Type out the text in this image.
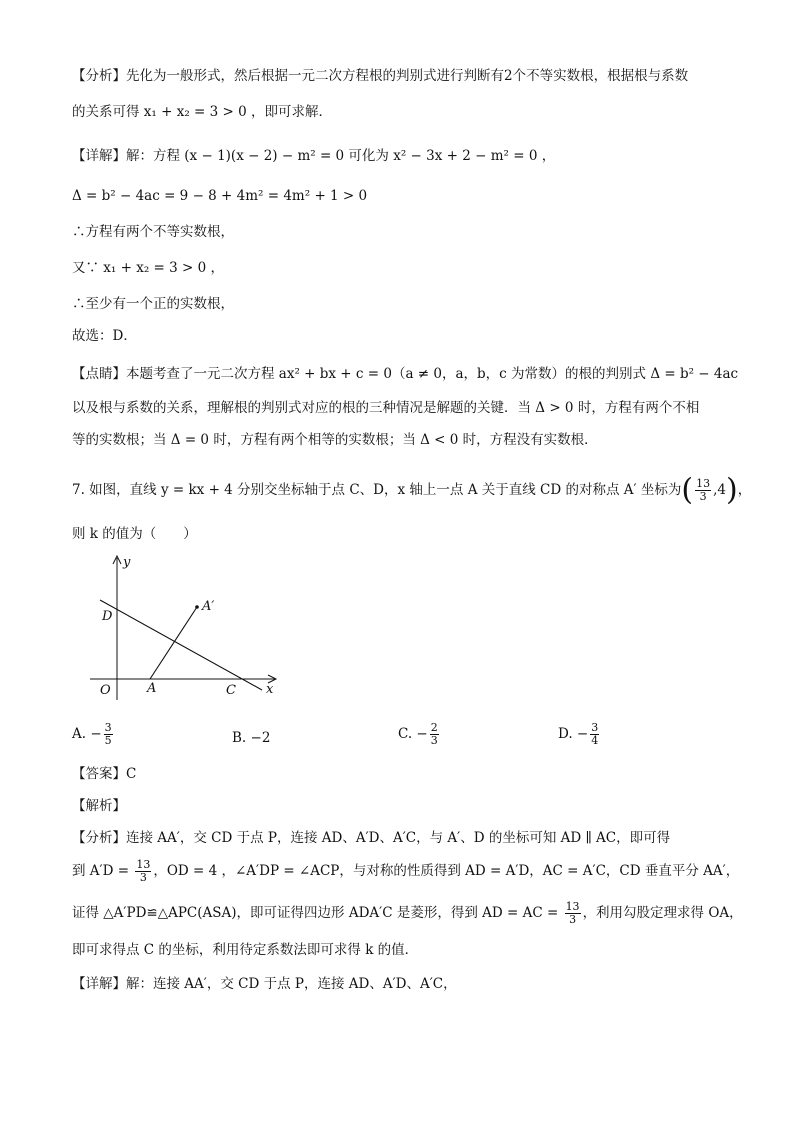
【分析】先化为一般形式，然后根据一元二次方程根的判别式进行判断有2个不等实数根，根据根与系数
的关系可得 x₁ + x₂ = 3 > 0 ，即可求解．
【详解】解：方程 (x − 1)(x − 2) − m² = 0 可化为 x² − 3x + 2 − m² = 0 ，
Δ = b² − 4ac = 9 − 8 + 4m² = 4m² + 1 > 0
∴方程有两个不等实数根，
又∵ x₁ + x₂ = 3 > 0 ，
∴至少有一个正的实数根，
故选：D．
【点睛】本题考查了一元二次方程 ax² + bx + c = 0（a ≠ 0，a，b，c 为常数）的根的判别式 Δ = b² − 4ac
以及根与系数的关系，理解根的判别式对应的根的三种情况是解题的关键．当 Δ > 0 时，方程有两个不相
等的实数根；当 Δ = 0 时，方程有两个相等的实数根；当 Δ < 0 时，方程没有实数根．
7. 如图，直线 y = kx + 4 分别交坐标轴于点 C、D，x 轴上一点 A 关于直线 CD 的对称点 A′ 坐标为( $\frac{13}{3} ,4$)，
则 k 的值为（　　）
y
x
O
D
A	C
A′
A. − $\frac{3}{5}$	B. −2	C. − $\frac{2}{3}$	D. − $\frac{3}{4}$
【答案】C
【解析】
【分析】连接 AA′，交 CD 于点 P，连接 AD、A′D、A′C，与 A′、D 的坐标可知 AD ∥ AC，即可得
到 $A'D = \frac{13}{3}$ ，OD = 4 ，∠A′DP = ∠ACP，与对称的性质得到 AD = A′D，AC = A′C，CD 垂直平分 AA′，
证得 △A′PD≌△APC(ASA)，即可证得四边形 ADA′C 是菱形，得到 AD = AC = $\frac{13}{3}$ ，利用勾股定理求得 OA，
即可求得点 C 的坐标，利用待定系数法即可求得 k 的值．
【详解】解：连接 AA′，交 CD 于点 P，连接 AD、A′D、A′C，
